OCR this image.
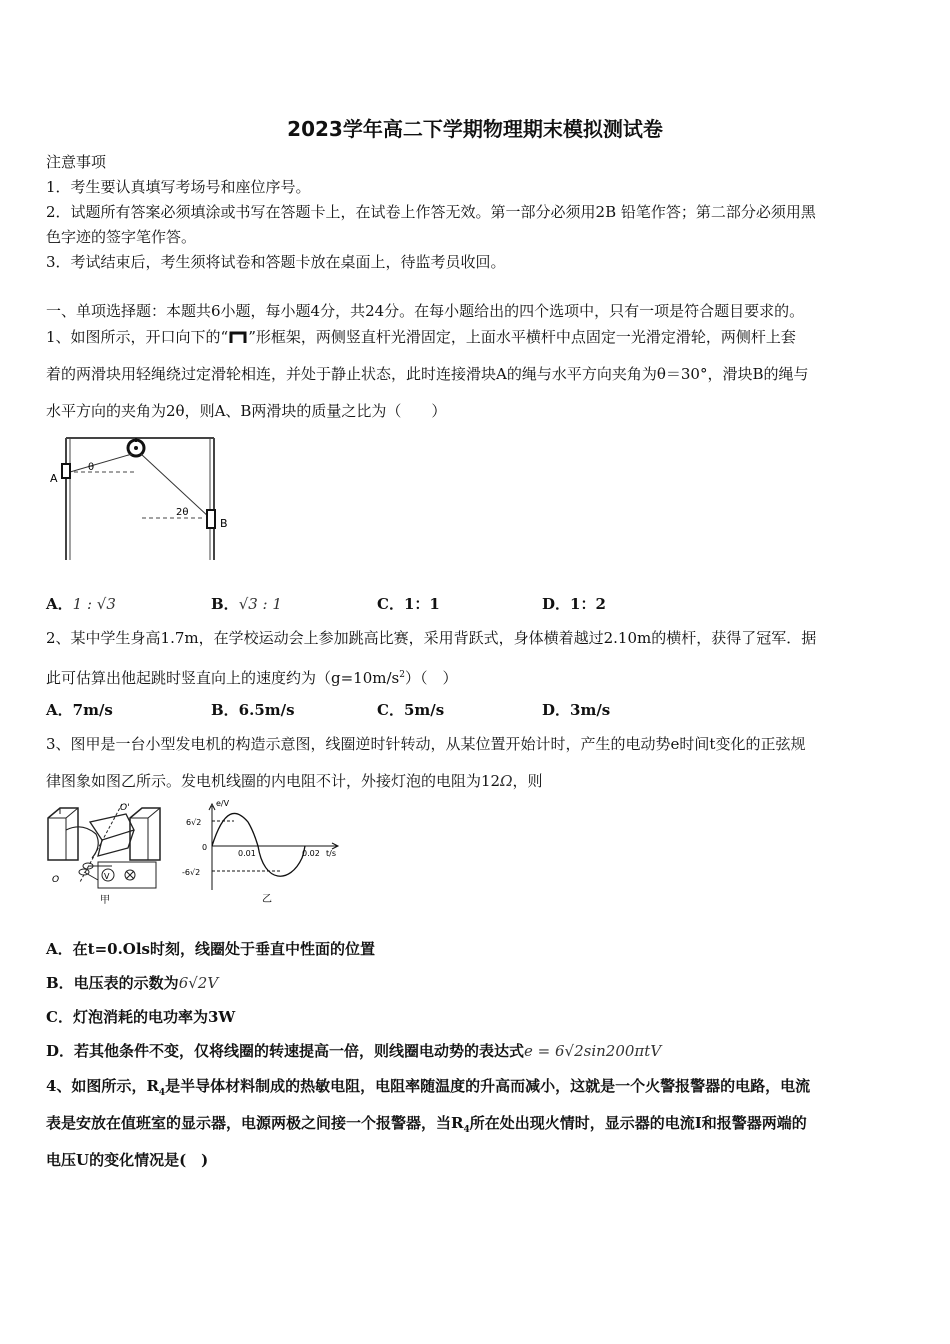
2023学年高二下学期物理期末模拟测试卷
注意事项
1．考生要认真填写考场号和座位序号。
2．试题所有答案必须填涂或书写在答题卡上，在试卷上作答无效。第一部分必须用2B 铅笔作答；第二部分必须用黑
色字迹的签字笔作答。
3．考试结束后，考生须将试卷和答题卡放在桌面上，待监考员收回。
一、单项选择题：本题共6小题，每小题4分，共24分。在每小题给出的四个选项中，只有一项是符合题目要求的。
1、如图所示，开口向下的“ ”形框架，两侧竖直杆光滑固定，上面水平横杆中点固定一光滑定滑轮，两侧杆上套
着的两滑块用轻绳绕过定滑轮相连，并处于静止状态，此时连接滑块A的绳与水平方向夹角为θ＝30°，滑块B的绳与
水平方向的夹角为2θ，则A、B两滑块的质量之比为（　　）
A
B
θ
2θ
A．1 : √3	B．√3 : 1	C．1：1	D．1：2
2、某中学生身高1.7m，在学校运动会上参加跳高比赛，采用背跃式，身体横着越过2.10m的横杆，获得了冠军．据
此可估算出他起跳时竖直向上的速度约为$(g=10m/s^2)$（　）
A．7m/s	B．6.5m/s	C．5m/s	D．3m/s
3、图甲是一台小型发电机的构造示意图，线圈逆时针转动，从某位置开始计时，产生的电动势e时间t变化的正弦规
律图象如图乙所示。发电机线圈的内电阻不计，外接灯泡的电阻为12Ω，则
V
O'
O
甲
e/V
t/s
6√2
-6√2
0
0.01	0.02
乙
A．在t=0.Ols时刻，线圈处于垂直中性面的位置
B．电压表的示数为6√2V
C．灯泡消耗的电功率为3W
D．若其他条件不变，仅将线圈的转速提高一倍，则线圈电动势的表达式e = 6√2sin200πtV
4、如图所示，$R_4$是半导体材料制成的热敏电阻，电阻率随温度的升高而减小，这就是一个火警报警器的电路，电流
表是安放在值班室的显示器，电源两极之间接一个报警器，当$R_4$所在处出现火情时，显示器的电流I和报警器两端的
电压U的变化情况是(　)
